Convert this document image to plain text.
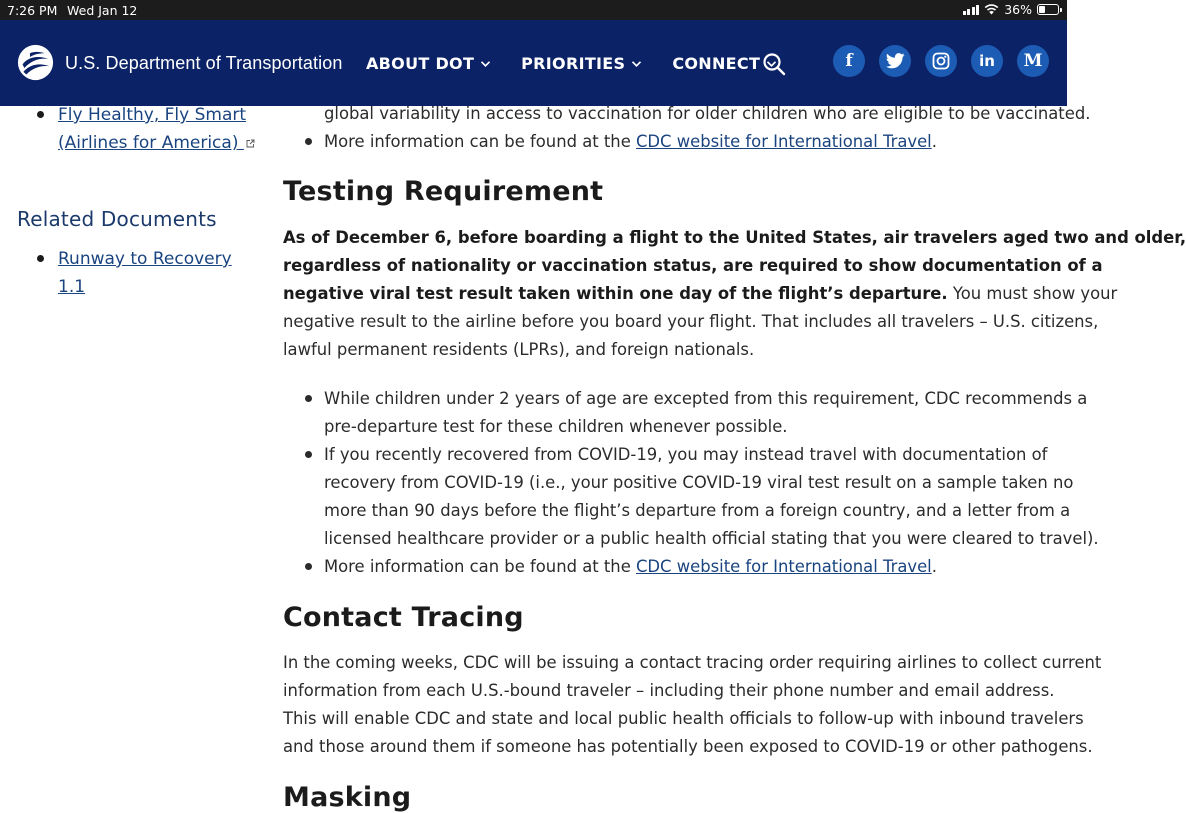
7:26 PM Wed Jan 12	36%
U.S. Department of Transportation ABOUT DOT	PRIORITIES	CONNECT	f	in M
Fly Healthy, Fly Smart
(Airlines for America)
Related Documents
Runway to Recovery 1.1
global variability in access to vaccination for older children who are eligible to be vaccinated.
More information can be found at the CDC website for International Travel.
Testing Requirement
As of December 6, before boarding a flight to the United States, air travelers aged two and older,
regardless of nationality or vaccination status, are required to show documentation of a
negative viral test result taken within one day of the flight’s departure. You must show your
negative result to the airline before you board your flight. That includes all travelers – U.S. citizens,
lawful permanent residents (LPRs), and foreign nationals.
While children under 2 years of age are excepted from this requirement, CDC recommends a
pre-departure test for these children whenever possible.
If you recently recovered from COVID-19, you may instead travel with documentation of
recovery from COVID-19 (i.e., your positive COVID-19 viral test result on a sample taken no
more than 90 days before the flight’s departure from a foreign country, and a letter from a
licensed healthcare provider or a public health official stating that you were cleared to travel).
More information can be found at the CDC website for International Travel.
Contact Tracing
In the coming weeks, CDC will be issuing a contact tracing order requiring airlines to collect current
information from each U.S.-bound traveler – including their phone number and email address.
This will enable CDC and state and local public health officials to follow-up with inbound travelers
and those around them if someone has potentially been exposed to COVID-19 or other pathogens.
Masking
